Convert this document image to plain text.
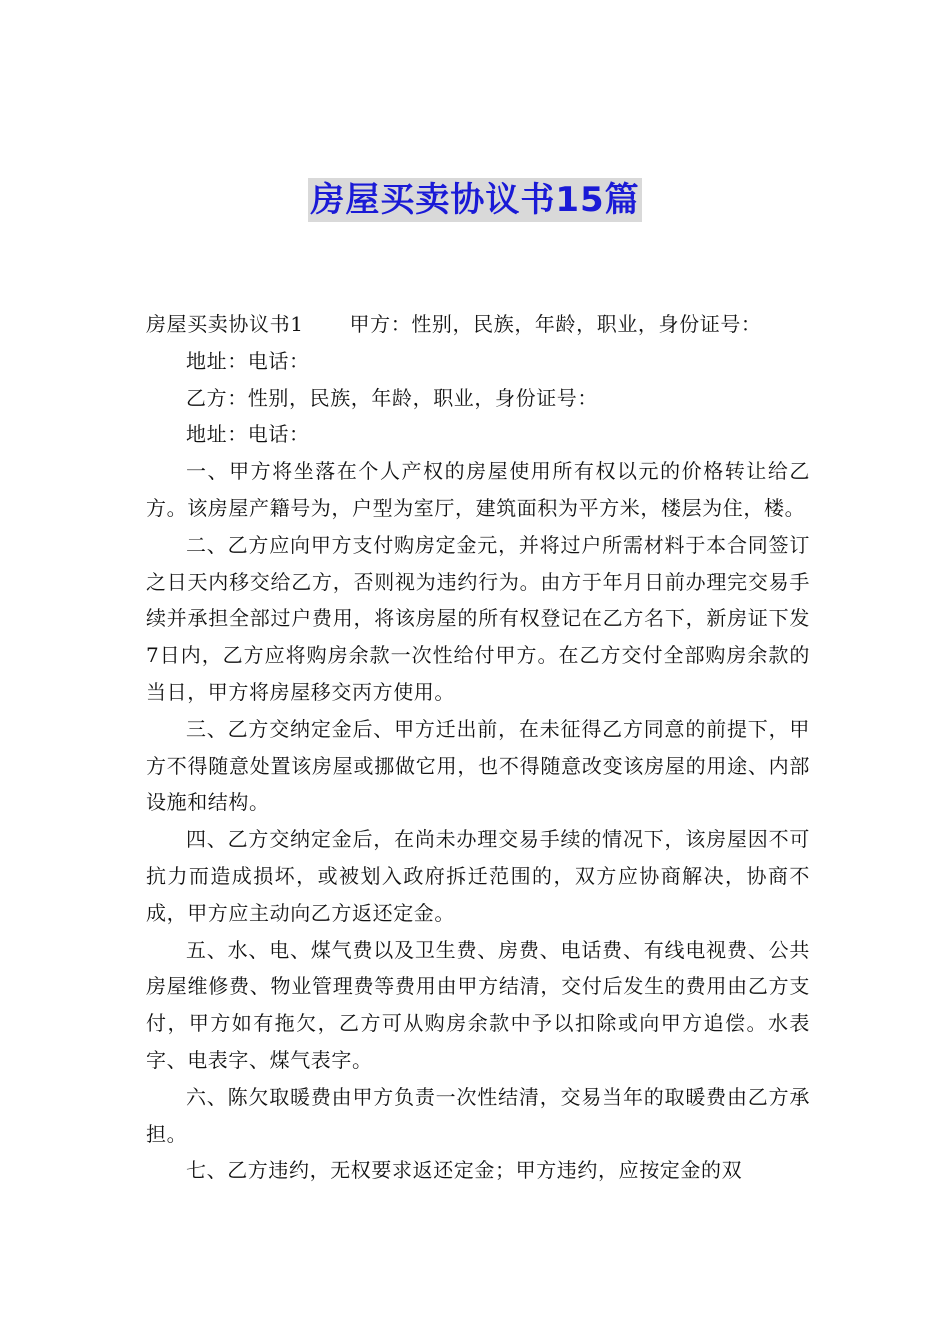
房屋买卖协议书15篇

房屋买卖协议书1 甲方：性别，民族，年龄，职业，身份证号：

地址：电话：

乙方：性别，民族，年龄，职业，身份证号：

地址：电话：

一、甲方将坐落在个人产权的房屋使用所有权以元的价格转让给乙方。该房屋产籍号为，户型为室厅，建筑面积为平方米，楼层为住，楼。

二、乙方应向甲方支付购房定金元，并将过户所需材料于本合同签订之日天内移交给乙方，否则视为违约行为。由方于年月日前办理完交易手续并承担全部过户费用，将该房屋的所有权登记在乙方名下，新房证下发7日内，乙方应将购房余款一次性给付甲方。在乙方交付全部购房余款的当日，甲方将房屋移交丙方使用。

三、乙方交纳定金后、甲方迁出前，在未征得乙方同意的前提下，甲方不得随意处置该房屋或挪做它用，也不得随意改变该房屋的用途、内部设施和结构。

四、乙方交纳定金后，在尚未办理交易手续的情况下，该房屋因不可抗力而造成损坏，或被划入政府拆迁范围的，双方应协商解决，协商不成，甲方应主动向乙方返还定金。

五、水、电、煤气费以及卫生费、房费、电话费、有线电视费、公共房屋维修费、物业管理费等费用由甲方结清，交付后发生的费用由乙方支付，甲方如有拖欠，乙方可从购房余款中予以扣除或向甲方追偿。水表字、电表字、煤气表字。

六、陈欠取暖费由甲方负责一次性结清，交易当年的取暖费由乙方承担。

七、乙方违约，无权要求返还定金；甲方违约，应按定金的双
